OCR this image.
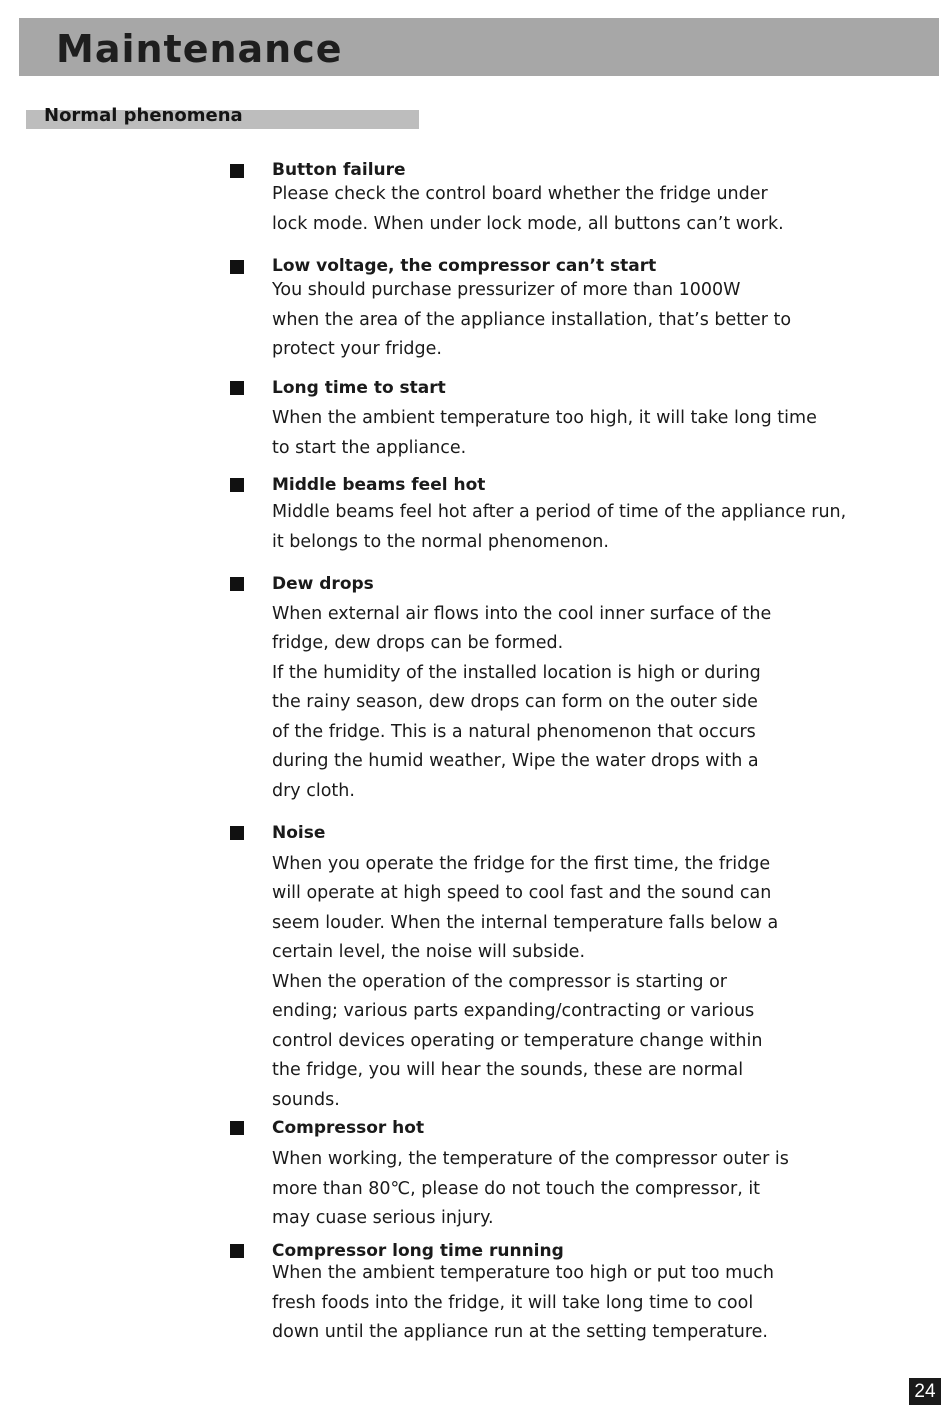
Maintenance
Normal phenomena

Button failure

Please check the control board whether the fridge under

lock mode. When under lock mode, all buttons can’t work.

Low voltage, the compressor can’t start

You should purchase pressurizer of more than 1000W

when the area of the appliance installation, that’s better to

protect your fridge.

Long time to start

When the ambient temperature too high, it will take long time

to start the appliance.

Middle beams feel hot

Middle beams feel hot after a period of time of the appliance run,

it belongs to the normal phenomenon.

Dew drops

When external air flows into the cool inner surface of the

fridge, dew drops can be formed.

If the humidity of the installed location is high or during

the rainy season, dew drops can form on the outer side

of the fridge. This is a natural phenomenon that occurs

during the humid weather, Wipe the water drops with a

dry cloth.

Noise

When you operate the fridge for the first time, the fridge

will operate at high speed to cool fast and the sound can

seem louder. When the internal temperature falls below a

certain level, the noise will subside.

When the operation of the compressor is starting or

ending; various parts expanding/contracting or various

control devices operating or temperature change within

the fridge, you will hear the sounds, these are normal

sounds.

Compressor hot

When working, the temperature of the compressor outer is

more than 80℃, please do not touch the compressor, it

may cuase serious injury.

Compressor long time running

When the ambient temperature too high or put too much

fresh foods into the fridge, it will take long time to cool

down until the appliance run at the setting temperature.

24
